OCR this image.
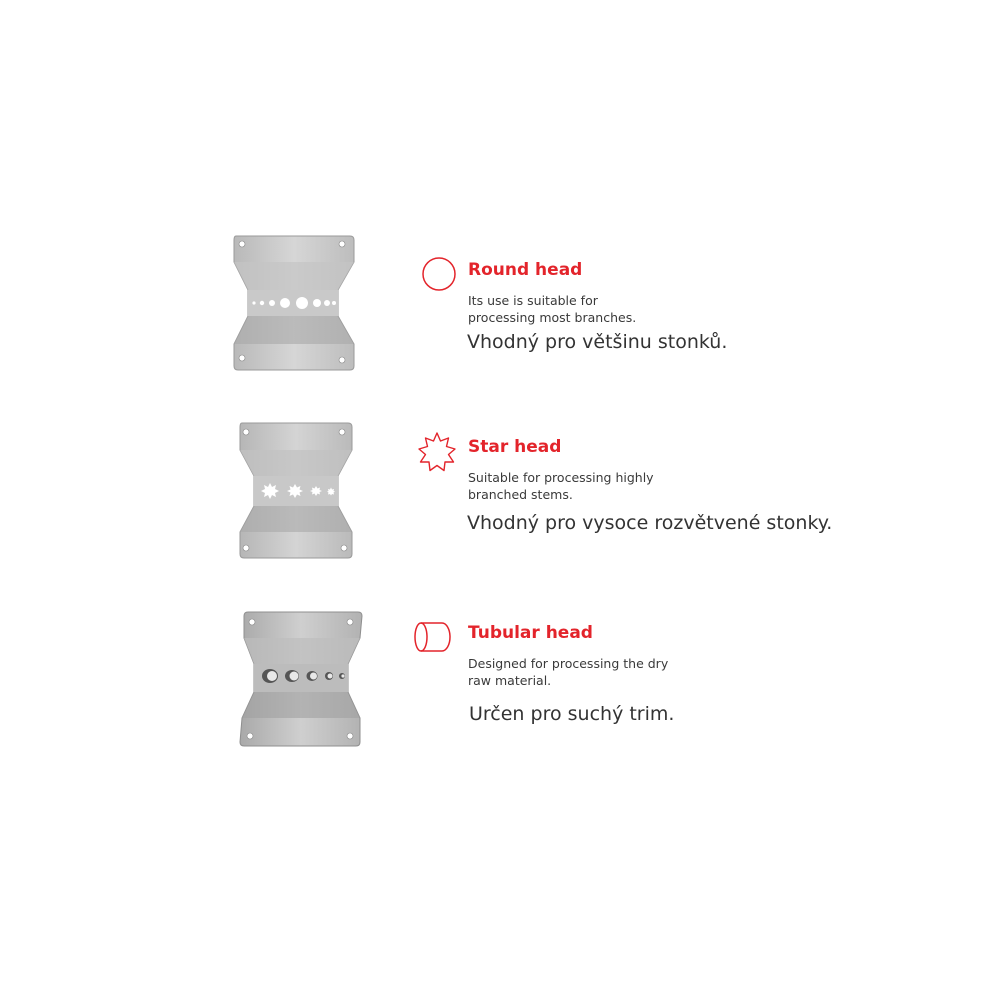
Round head
Its use is suitable for
processing most branches.
Vhodný pro většinu stonků.
Star head
Suitable for processing highly
branched stems.
Vhodný pro vysoce rozvětvené stonky.
Tubular head
Designed for processing the dry
raw material.
Určen pro suchý trim.
